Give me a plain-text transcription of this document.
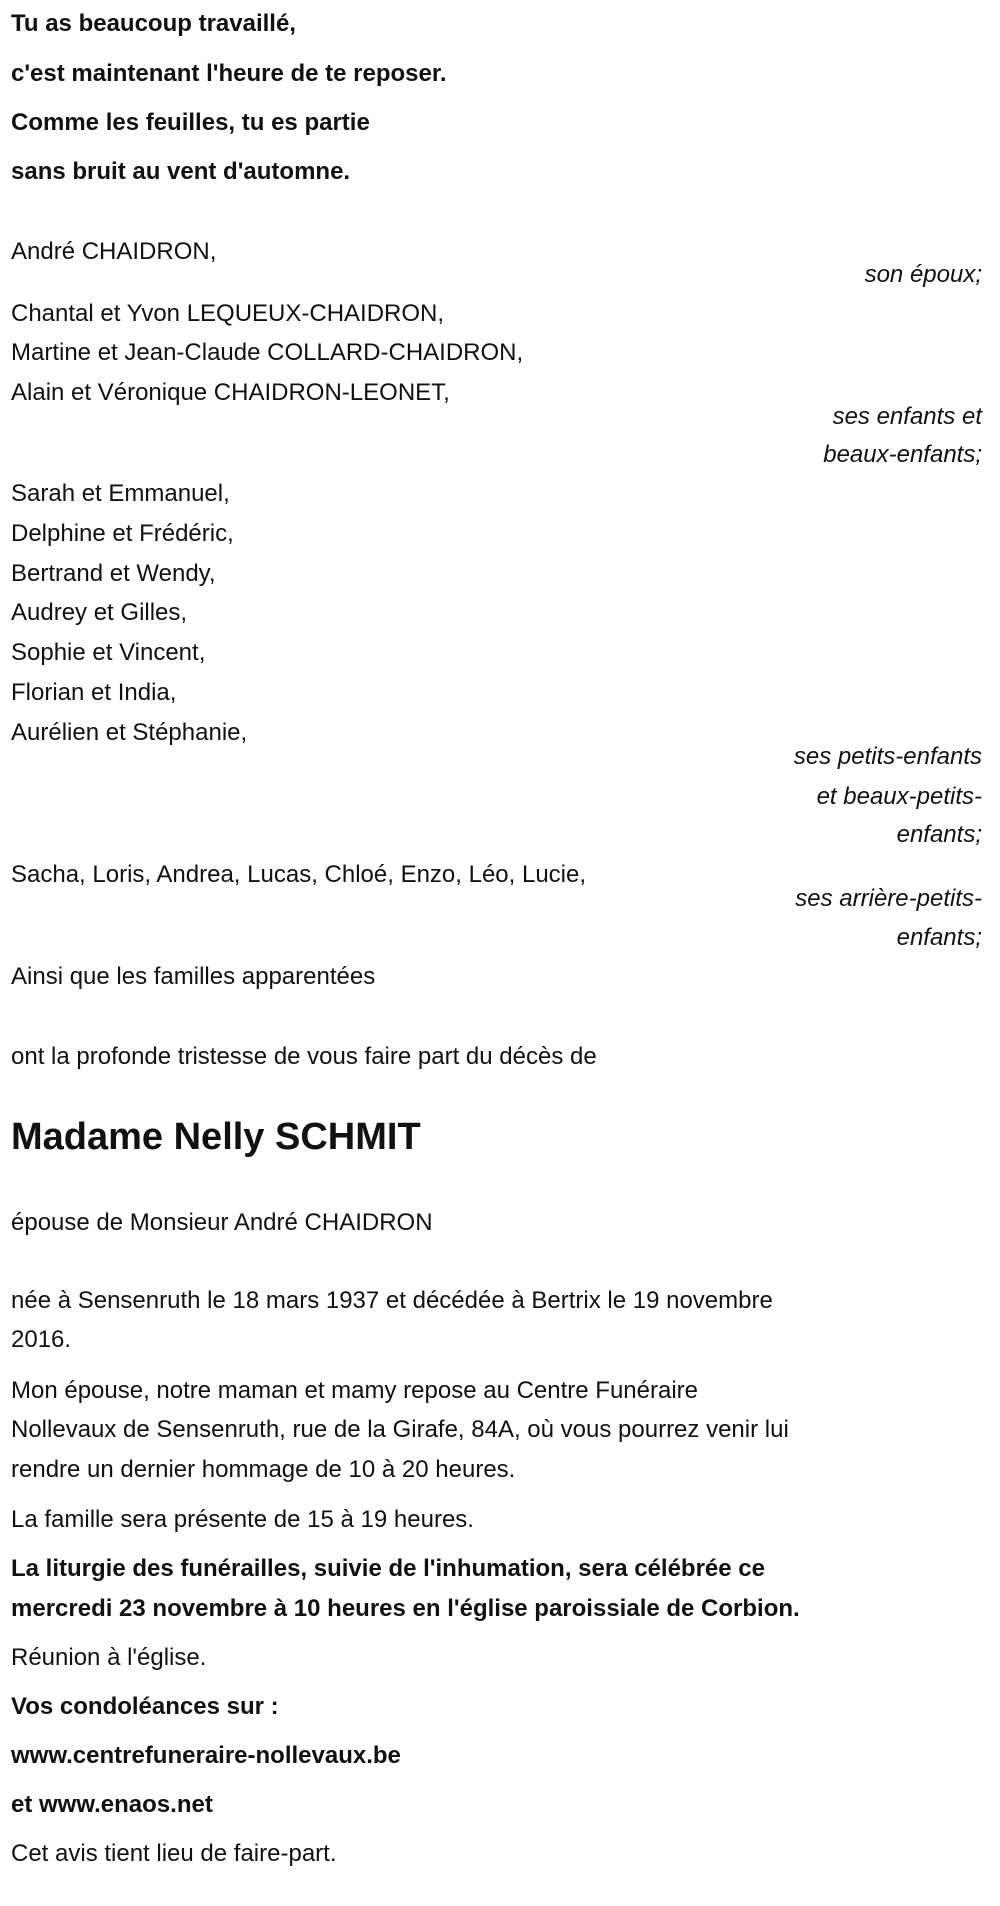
Tu as beaucoup travaillé,
c'est maintenant l'heure de te reposer.
Comme les feuilles, tu es partie
sans bruit au vent d'automne.
André CHAIDRON,
son époux;
Chantal et Yvon LEQUEUX-CHAIDRON,
Martine et Jean-Claude COLLARD-CHAIDRON,
Alain et Véronique CHAIDRON-LEONET,
ses enfants et
beaux-enfants;
Sarah et Emmanuel,
Delphine et Frédéric,
Bertrand et Wendy,
Audrey et Gilles,
Sophie et Vincent,
Florian et India,
Aurélien et Stéphanie,
ses petits-enfants
et beaux-petits-
enfants;
Sacha, Loris, Andrea, Lucas, Chloé, Enzo, Léo, Lucie,
ses arrière-petits-
enfants;
Ainsi que les familles apparentées
ont la profonde tristesse de vous faire part du décès de
Madame Nelly SCHMIT
épouse de Monsieur André CHAIDRON
née à Sensenruth le 18 mars 1937 et décédée à Bertrix le 19 novembre
2016.
Mon épouse, notre maman et mamy repose au Centre Funéraire
Nollevaux de Sensenruth, rue de la Girafe, 84A, où vous pourrez venir lui
rendre un dernier hommage de 10 à 20 heures.
La famille sera présente de 15 à 19 heures.
La liturgie des funérailles, suivie de l'inhumation, sera célébrée ce
mercredi 23 novembre à 10 heures en l'église paroissiale de Corbion.
Réunion à l'église.
Vos condoléances sur :
www.centrefuneraire-nollevaux.be
et www.enaos.net
Cet avis tient lieu de faire-part.
